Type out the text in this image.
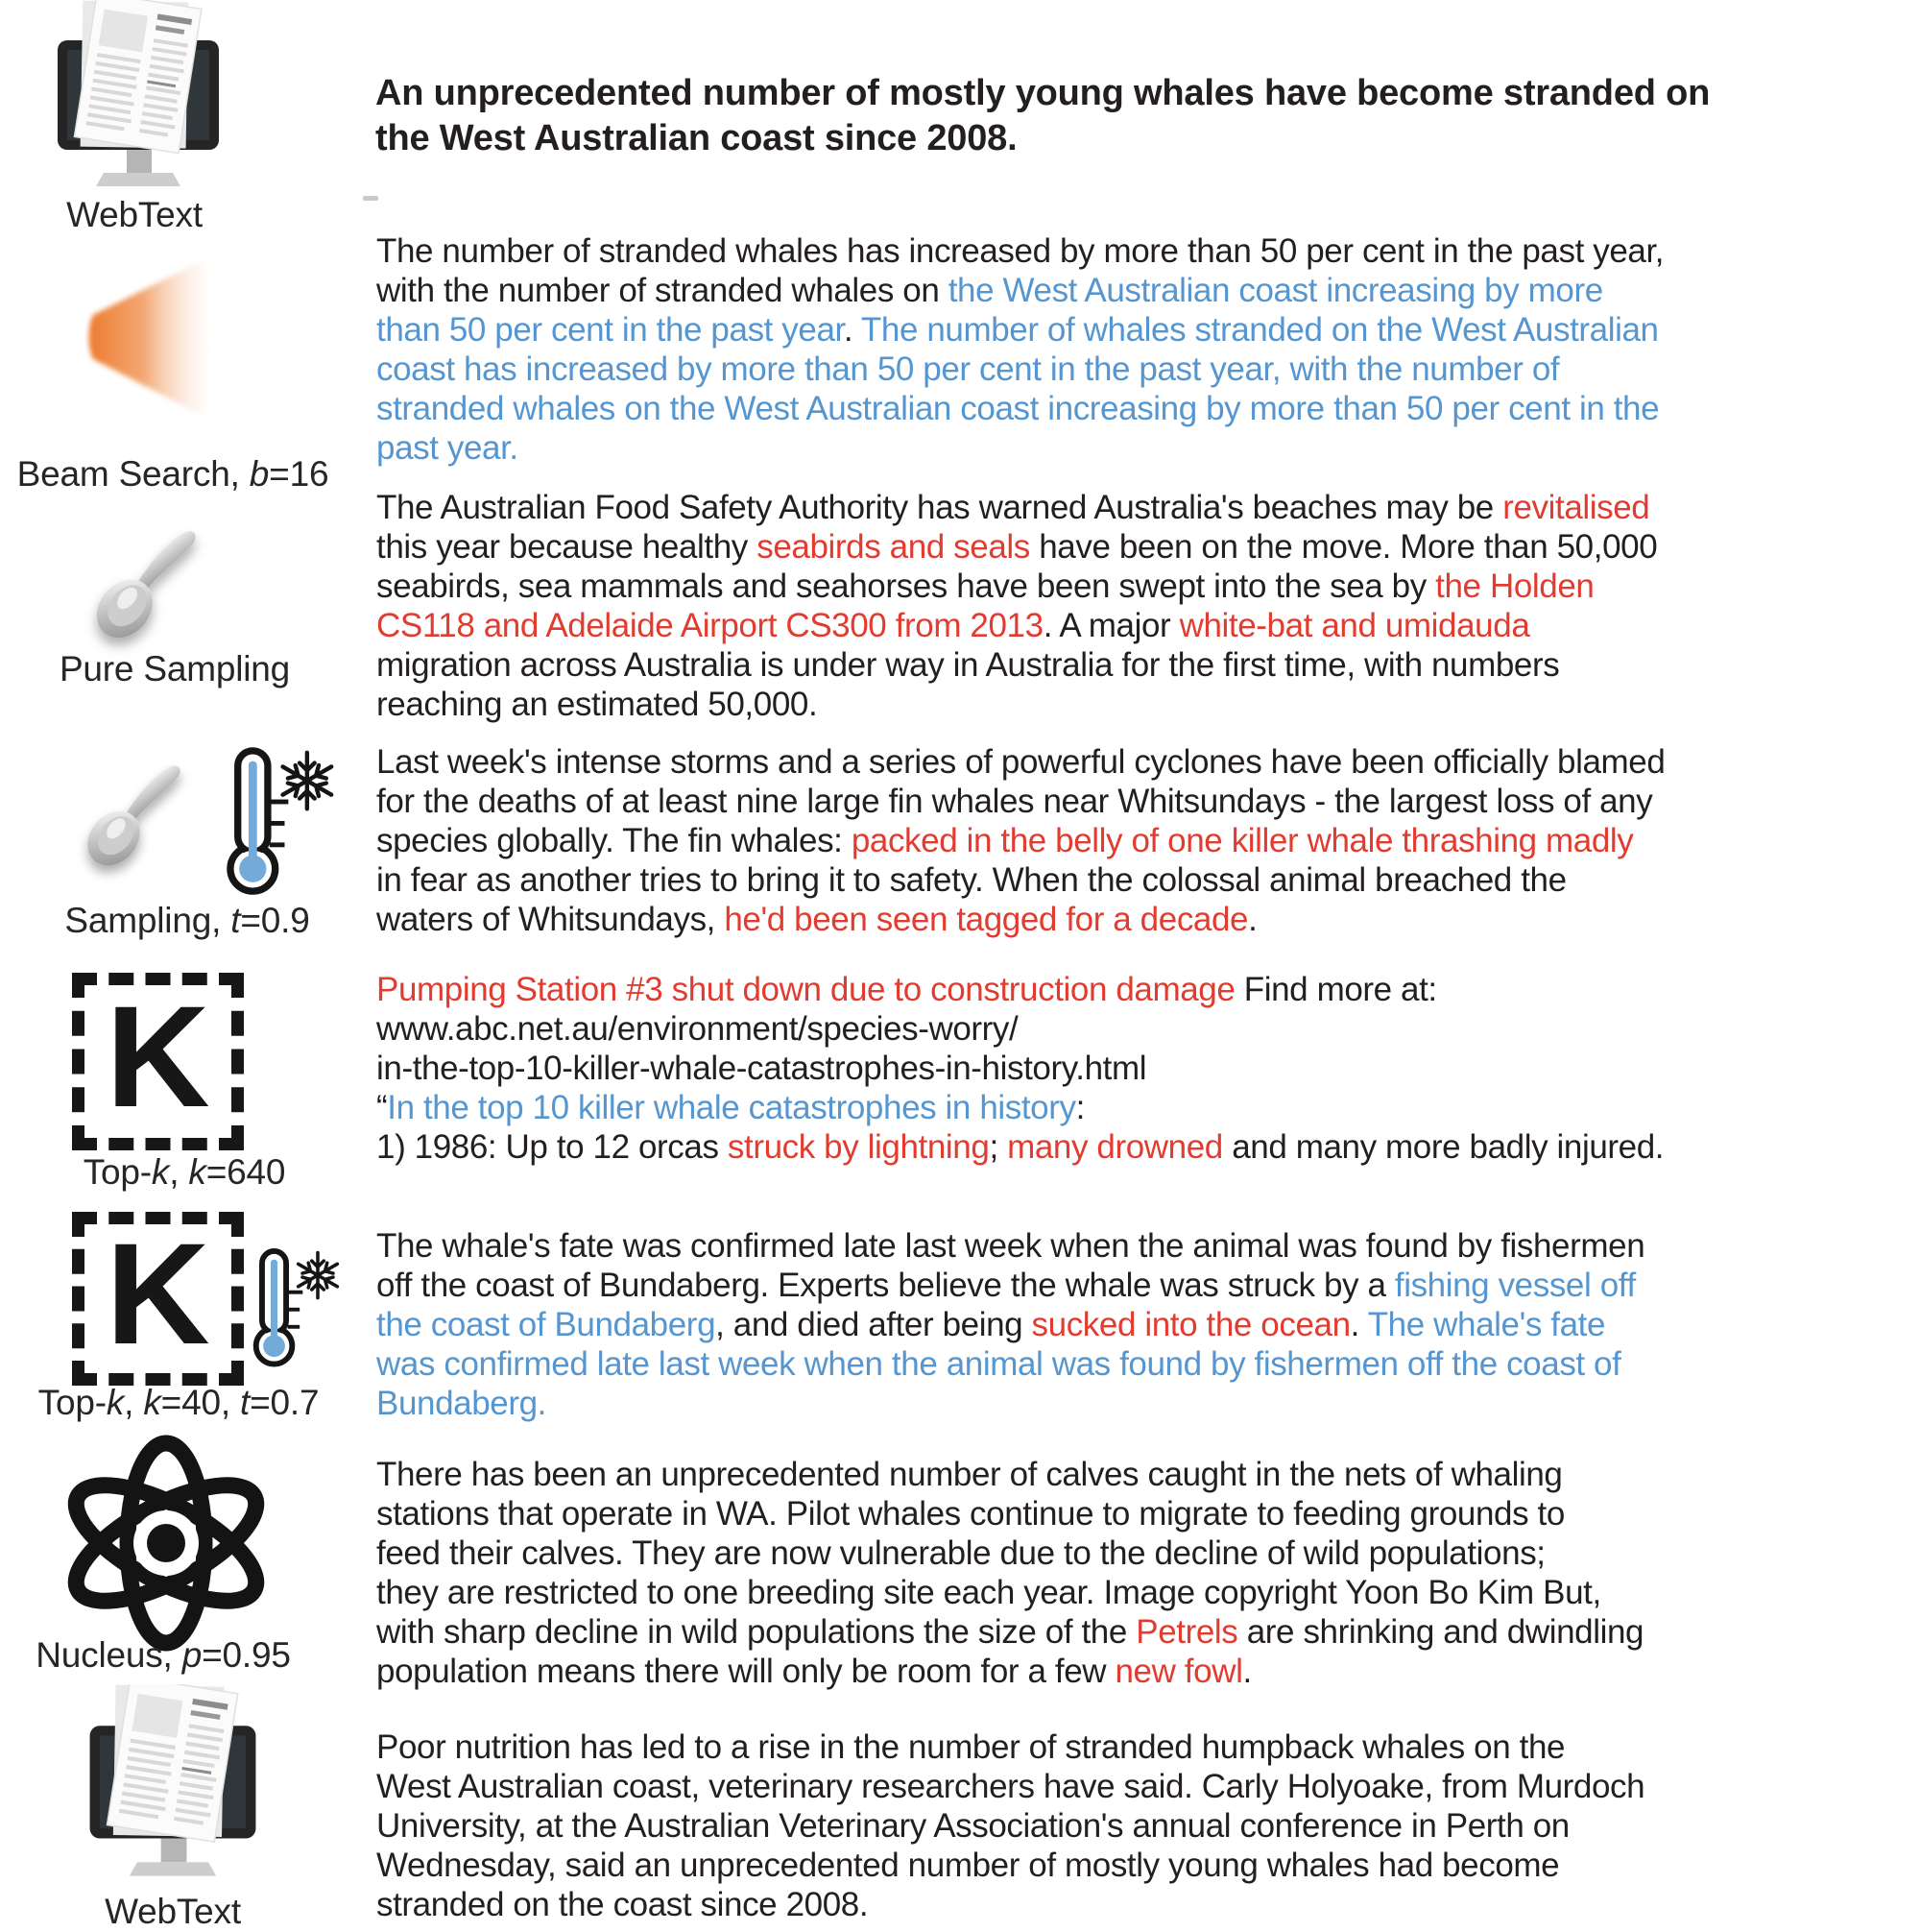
K
K
WebText
Beam Search, b=16
Pure Sampling
Sampling, t=0.9
Top-k, k=640
Top-k, k=40, t=0.7
Nucleus, p=0.95
WebText
An unprecedented number of mostly young whales have become stranded on
the West Australian coast since 2008.
The number of stranded whales has increased by more than 50 per cent in the past year,
with the number of stranded whales on the West Australian coast increasing by more
than 50 per cent in the past year. The number of whales stranded on the West Australian
coast has increased by more than 50 per cent in the past year, with the number of
stranded whales on the West Australian coast increasing by more than 50 per cent in the
past year.
The Australian Food Safety Authority has warned Australia's beaches may be revitalised
this year because healthy seabirds and seals have been on the move. More than 50,000
seabirds, sea mammals and seahorses have been swept into the sea by the Holden
CS118 and Adelaide Airport CS300 from 2013. A major white-bat and umidauda
migration across Australia is under way in Australia for the first time, with numbers
reaching an estimated 50,000.
Last week's intense storms and a series of powerful cyclones have been officially blamed
for the deaths of at least nine large fin whales near Whitsundays - the largest loss of any
species globally. The fin whales: packed in the belly of one killer whale thrashing madly
in fear as another tries to bring it to safety. When the colossal animal breached the
waters of Whitsundays, he'd been seen tagged for a decade.
Pumping Station #3 shut down due to construction damage Find more at:
www.abc.net.au/environment/species-worry/
in-the-top-10-killer-whale-catastrophes-in-history.html
“In the top 10 killer whale catastrophes in history:
1) 1986: Up to 12 orcas struck by lightning; many drowned and many more badly injured.
The whale's fate was confirmed late last week when the animal was found by fishermen
off the coast of Bundaberg. Experts believe the whale was struck by a fishing vessel off
the coast of Bundaberg, and died after being sucked into the ocean. The whale's fate
was confirmed late last week when the animal was found by fishermen off the coast of
Bundaberg.
There has been an unprecedented number of calves caught in the nets of whaling
stations that operate in WA. Pilot whales continue to migrate to feeding grounds to
feed their calves. They are now vulnerable due to the decline of wild populations;
they are restricted to one breeding site each year. Image copyright Yoon Bo Kim But,
with sharp decline in wild populations the size of the Petrels are shrinking and dwindling
population means there will only be room for a few new fowl.
Poor nutrition has led to a rise in the number of stranded humpback whales on the
West Australian coast, veterinary researchers have said. Carly Holyoake, from Murdoch
University, at the Australian Veterinary Association's annual conference in Perth on
Wednesday, said an unprecedented number of mostly young whales had become
stranded on the coast since 2008.
